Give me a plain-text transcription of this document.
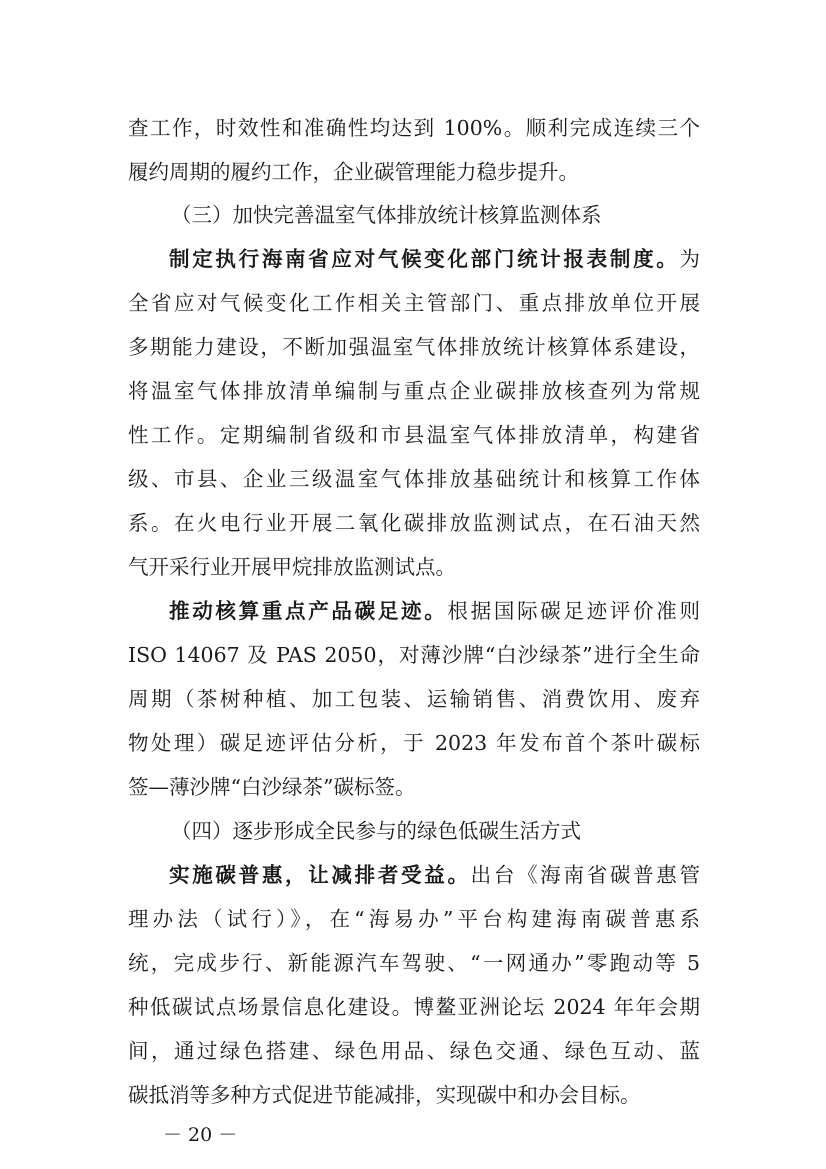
查工作，时效性和准确性均达到 100%。顺利完成连续三个
履约周期的履约工作，企业碳管理能力稳步提升。
（三）加快完善温室气体排放统计核算监测体系
制定执行海南省应对气候变化部门统计报表制度。为
全省应对气候变化工作相关主管部门、重点排放单位开展
多期能力建设，不断加强温室气体排放统计核算体系建设，
将温室气体排放清单编制与重点企业碳排放核查列为常规
性工作。定期编制省级和市县温室气体排放清单，构建省
级、市县、企业三级温室气体排放基础统计和核算工作体
系。在火电行业开展二氧化碳排放监测试点，在石油天然
气开采行业开展甲烷排放监测试点。
推动核算重点产品碳足迹。根据国际碳足迹评价准则
ISO 14067 及 PAS 2050，对薄沙牌“白沙绿茶”进行全生命
周期（茶树种植、加工包装、运输销售、消费饮用、废弃
物处理）碳足迹评估分析，于 2023 年发布首个茶叶碳标
签—薄沙牌“白沙绿茶”碳标签。
（四）逐步形成全民参与的绿色低碳生活方式
实施碳普惠，让减排者受益。出台《海南省碳普惠管
理办法（试行）》，在“海易办”平台构建海南碳普惠系
统，完成步行、新能源汽车驾驶、“一网通办”零跑动等 5
种低碳试点场景信息化建设。博鳌亚洲论坛 2024 年年会期
间，通过绿色搭建、绿色用品、绿色交通、绿色互动、蓝
碳抵消等多种方式促进节能减排，实现碳中和办会目标。
－ 20 －
